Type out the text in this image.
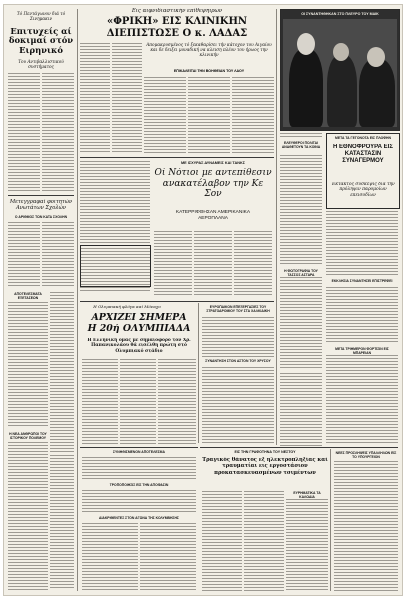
Τό Πεντάγωνον διά τό Σινημακιν
Επιτυχείς αί δοκιμαί στόν Ειρηνικό
Του Αντιβαλλιστικού συστήματος
Μετεγγραφαί φοιτητών Ανωτάτων Σχολών
Ο ΑΡΙΘΜΟΣ ΤΩΝ ΚΑΤΑ ΣΧΟΛΗΝ
ΑΠΟΤΕΛΕΣΜΑΤΑ ΕΞΕΤΑΣΕΩΝ
Η ΝΕΑ ΑΝΘΡΩΠΟΙ ΤΟΥ ΙΣΤΟΡΙΚΟΥ ΠΟΛΕΜΟΥ
Εις αιφνιδιαστικήν επίθεψηιρων
«ΦΡΙΚΗ» ΕΙΣ ΚΛΙΝΙΚΗΝ
ΔΙΕΠΙΣΤΩΣΕ Ο κ. ΛΑΔΑΣ
Απομακρυσμένος τό ξεκαθαρίσει τήν κάτοχον του Αιγαίου και δε δειξει μοναδική να κλειση πλέον του ήρωος την κλινικήν
ΕΠΙΚΑΛΕΙΤΑΙ ΤΗΝ ΒΟΗΘΕΙΑΝ ΤΟΥ ΛΑΟΥ
ΜΕ ΙΣΧΥΡΑΣ ΔΥΝΑΜΕΙΣ ΚΑΙ ΤΑΝΚΣ
Οί Νότιοι με αντεπίθεσιν ανακατέλαβον την Κε Σον
ΚΑΤΕΡΡΙΦΘΗΣΑΝ ΑΜΕΡΙΚΑΝΙΚΑ ΑΕΡΟΠΛΑΝΑ
Η Ολυμπιακή φλόγα καί Μόναχο
ΑΡΧΙΖΕΙ ΣΗΜΕΡΑ
Η 20ή ΟΛΥΜΠΙΑΔΑ
Η Ελληνική ομάς με σημαιοφόρο τον Χρ. Παπανικολάου θά εισέλθη πρώτη στό Ολυμπιακό στάδιο
ΕΥΡΟΠΑΙΚΟΝ ΕΠΕΞΕΡΓΑΣΙΕΣ ΤΟΥ ΣΤΡΑΤΟΔΡΟΜΙΟΥ ΤΟΥ ΣΤΑ ΧΑΛΚΙΔΙΚΗ
ΣΥΝΑΝΤΗΣΗ ΣΤΟΝ ΑΣΤΟΝ ΤΟΥ ΧΡΥΣΟΥ
ΣΥΝΗΘΙΣΜΕΝΟΝ ΑΠΟΤΕΛΕΣΜΑ
ΤΡΟΠΟΠΟΙΗΣΙΣ ΕΙΣ ΤΗΝ ΑΠΟΦΑΣΙΝ
ΔΙΑΚΡΙΘΕΝΤΕΣ ΣΤΟΝ ΑΓΩΝΑ ΤΗΣ ΚΟΛΥΜΒΗΣΗΣ
ΕΙΣ ΤΗΝ ΓΡΑΦΟΤΗΝΑ ΤΟΥ ΝΕΣΤΟΥ
Τραγικός θάνατος εξ ηλεκτροπληξίας καί τραυματίαι εις εργοστάσιον προκατασκευασμένων τσιμέντων
ΕΥΡΗΜΑΤΙΚΑ ΤΑ ΚΑΛΩΔΙΑ
ΟΙ ΣΥΝΑΝΤΗΘΗΚΑΝ ΣΤΟ ΠΛΕΥΡΟ ΤΟΥ ΜΑΙΚ
ΜΕΤΑ ΤΑ ΓΕΓΟΝΟΤΑ ΕΙΣ ΠΛΟΦΗΝ
Η ΕΘΝΟΦΡΟΥΡΑ ΕΙΣ ΚΑΤΑΣΤΑΣΙΝ ΣΥΝΑΓΕΡΜΟΥ
Έκτακτος σύσκεψις διά την πρόληψιν παρομοίων επεισοδίων
ΕΛΕΥΘΕΡΟΙ ΠΟΛΙΤΑΙ ΑΝΑΘΕΤΟΥΝ ΤΑ ΚΟΙΝΑ
Η ΦΩΤΟΓΡΑΦΙΑ ΤΟΥ ΤΑΣΣΟΣ ΑΣΤΑΡΑ
ΕΚΚΛΗΣΙΑ ΣΥΝΑΝΤΗΣΕΙ ΕΠΙΣΤΡΕΦΕΙ
ΜΕΤΑ ΤΡΙΗΜΕΡΟΝ ΦΟΡΤΙΣΙΝ ΕΙΣ ΜΠΑΡΕΙΑΝ
ΝΕΕΣ ΠΡΟΣΛΗΨΕΙΣ ΥΠΑΛΛΗΛΩΝ ΕΙΣ ΤΟ ΥΠΟΥΡΓΕΙΟΝ
